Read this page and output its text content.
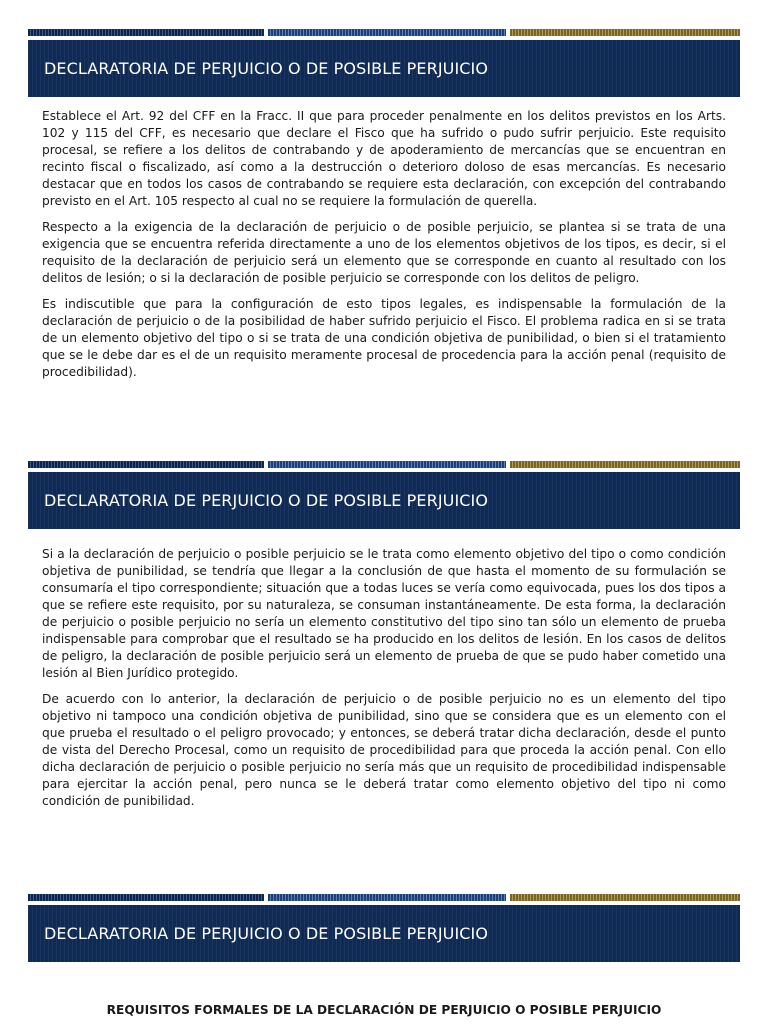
DECLARATORIA DE PERJUICIO O DE POSIBLE PERJUICIO

Establece el Art. 92 del CFF en la Fracc. II que para proceder penalmente en los delitos previstos en los Arts. 102 y 115 del CFF, es necesario que declare el Fisco que ha sufrido o pudo sufrir perjuicio. Este requisito procesal, se refiere a los delitos de contrabando y de apoderamiento de mercancías que se encuentran en recinto fiscal o fiscalizado, así como a la destrucción o deterioro doloso de esas mercancías. Es necesario destacar que en todos los casos de contrabando se requiere esta declaración, con excepción del contrabando previsto en el Art. 105 respecto al cual no se requiere la formulación de querella.

Respecto a la exigencia de la declaración de perjuicio o de posible perjuicio, se plantea si se trata de una exigencia que se encuentra referida directamente a uno de los elementos objetivos de los tipos, es decir, si el requisito de la declaración de perjuicio será un elemento que se corresponde en cuanto al resultado con los delitos de lesión; o si la declaración de posible perjuicio se corresponde con los delitos de peligro.

Es indiscutible que para la configuración de esto tipos legales, es indispensable la formulación de la declaración de perjuicio o de la posibilidad de haber sufrido perjuicio el Fisco. El problema radica en si se trata de un elemento objetivo del tipo o si se trata de una condición objetiva de punibilidad, o bien si el tratamiento que se le debe dar es el de un requisito meramente procesal de procedencia para la acción penal (requisito de procedibilidad).

DECLARATORIA DE PERJUICIO O DE POSIBLE PERJUICIO

Si a la declaración de perjuicio o posible perjuicio se le trata como elemento objetivo del tipo o como condición objetiva de punibilidad, se tendría que llegar a la conclusión de que hasta el momento de su formulación se consumaría el tipo correspondiente; situación que a todas luces se vería como equivocada, pues los dos tipos a que se refiere este requisito, por su naturaleza, se consuman instantáneamente. De esta forma, la declaración de perjuicio o posible perjuicio no sería un elemento constitutivo del tipo sino tan sólo un elemento de prueba indispensable para comprobar que el resultado se ha producido en los delitos de lesión. En los casos de delitos de peligro, la declaración de posible perjuicio será un elemento de prueba de que se pudo haber cometido una lesión al Bien Jurídico protegido.

De acuerdo con lo anterior, la declaración de perjuicio o de posible perjuicio no es un elemento del tipo objetivo ni tampoco una condición objetiva de punibilidad, sino que se considera que es un elemento con el que prueba el resultado o el peligro provocado; y entonces, se deberá tratar dicha declaración, desde el punto de vista del Derecho Procesal, como un requisito de procedibilidad para que proceda la acción penal. Con ello dicha declaración de perjuicio o posible perjuicio no sería más que un requisito de procedibilidad indispensable para ejercitar la acción penal, pero nunca se le deberá tratar como elemento objetivo del tipo ni como condición de punibilidad.

DECLARATORIA DE PERJUICIO O DE POSIBLE PERJUICIO
REQUISITOS FORMALES DE LA DECLARACIÓN DE PERJUICIO O POSIBLE PERJUICIO
